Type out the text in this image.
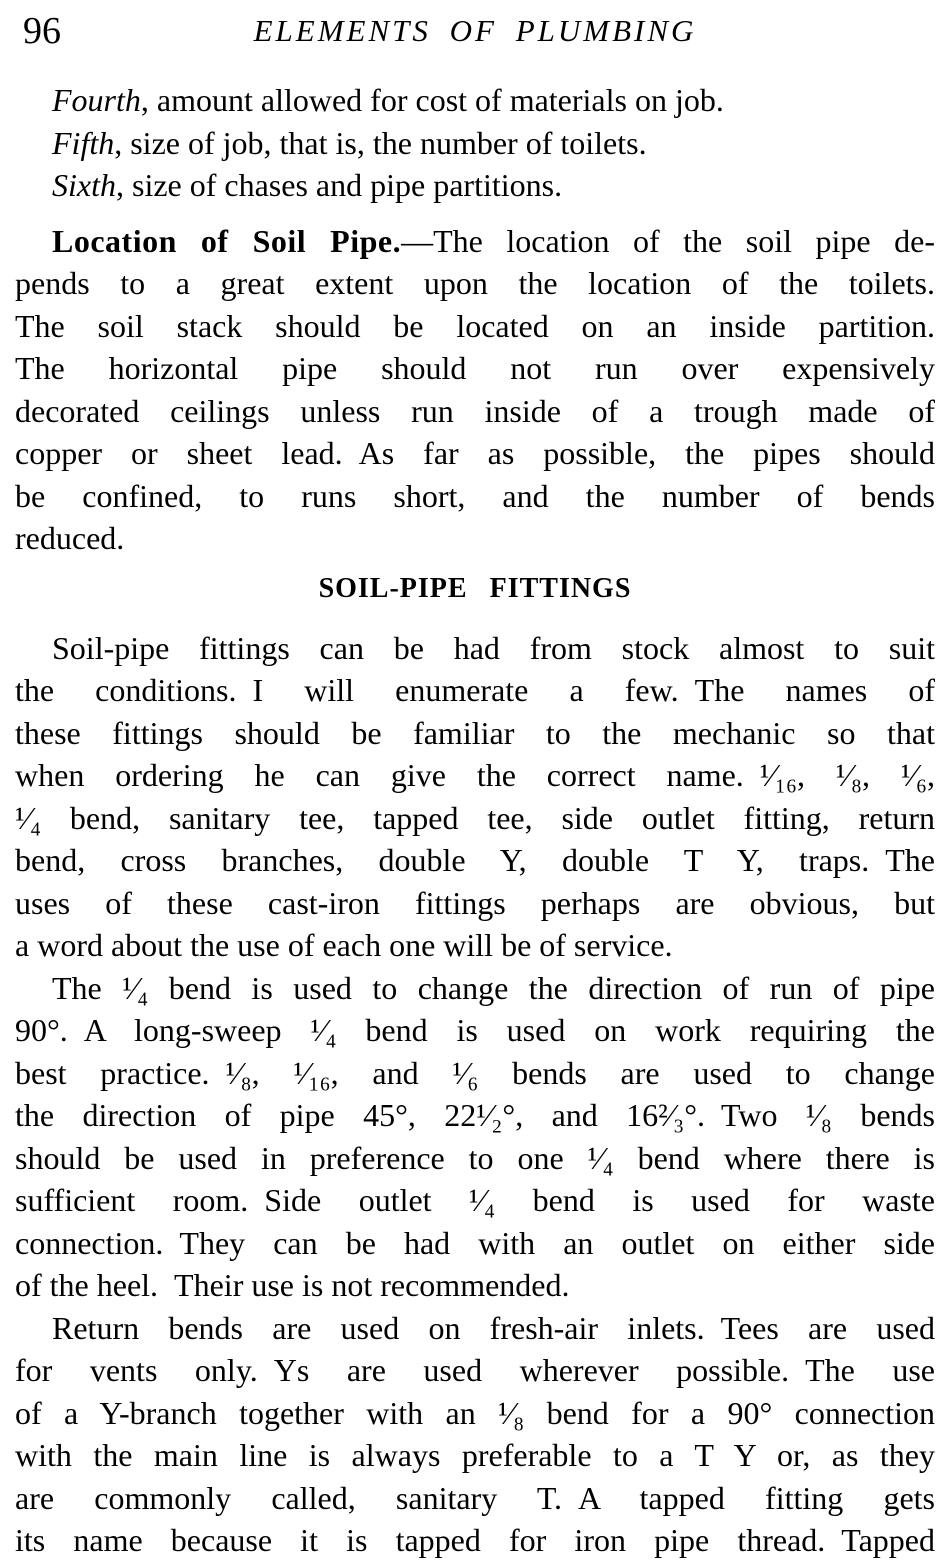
96	ELEMENTS OF PLUMBING
Fourth, amount allowed for cost of materials on job.
Fifth, size of job, that is, the number of toilets.
Sixth, size of chases and pipe partitions.
Location of Soil Pipe.—The location of the soil pipe de-
pends to a great extent upon the location of the toilets.
The soil stack should be located on an inside partition.
The horizontal pipe should not run over expensively
decorated ceilings unless run inside of a trough made of
copper or sheet lead. As far as possible, the pipes should
be confined, to runs short, and the number of bends
reduced.
SOIL-PIPE FITTINGS
Soil-pipe fittings can be had from stock almost to suit
the conditions. I will enumerate a few. The names of
these fittings should be familiar to the mechanic so that
when ordering he can give the correct name. ¹⁄₁₆, ¹⁄₈, ¹⁄₆,
¹⁄₄ bend, sanitary tee, tapped tee, side outlet fitting, return
bend, cross branches, double Y, double T Y, traps. The
uses of these cast-iron fittings perhaps are obvious, but
a word about the use of each one will be of service.
The ¹⁄₄ bend is used to change the direction of run of pipe
90°. A long-sweep ¹⁄₄ bend is used on work requiring the
best practice. ¹⁄₈, ¹⁄₁₆, and ¹⁄₆ bends are used to change
the direction of pipe 45°, 22¹⁄₂°, and 16²⁄₃°. Two ¹⁄₈ bends
should be used in preference to one ¹⁄₄ bend where there is
sufficient room. Side outlet ¹⁄₄ bend is used for waste
connection. They can be had with an outlet on either side
of the heel. Their use is not recommended.
Return bends are used on fresh-air inlets. Tees are used
for vents only. Ys are used wherever possible. The use
of a Y-branch together with an ¹⁄₈ bend for a 90° connection
with the main line is always preferable to a T Y or, as they
are commonly called, sanitary T. A tapped fitting gets
its name because it is tapped for iron pipe thread. Tapped
